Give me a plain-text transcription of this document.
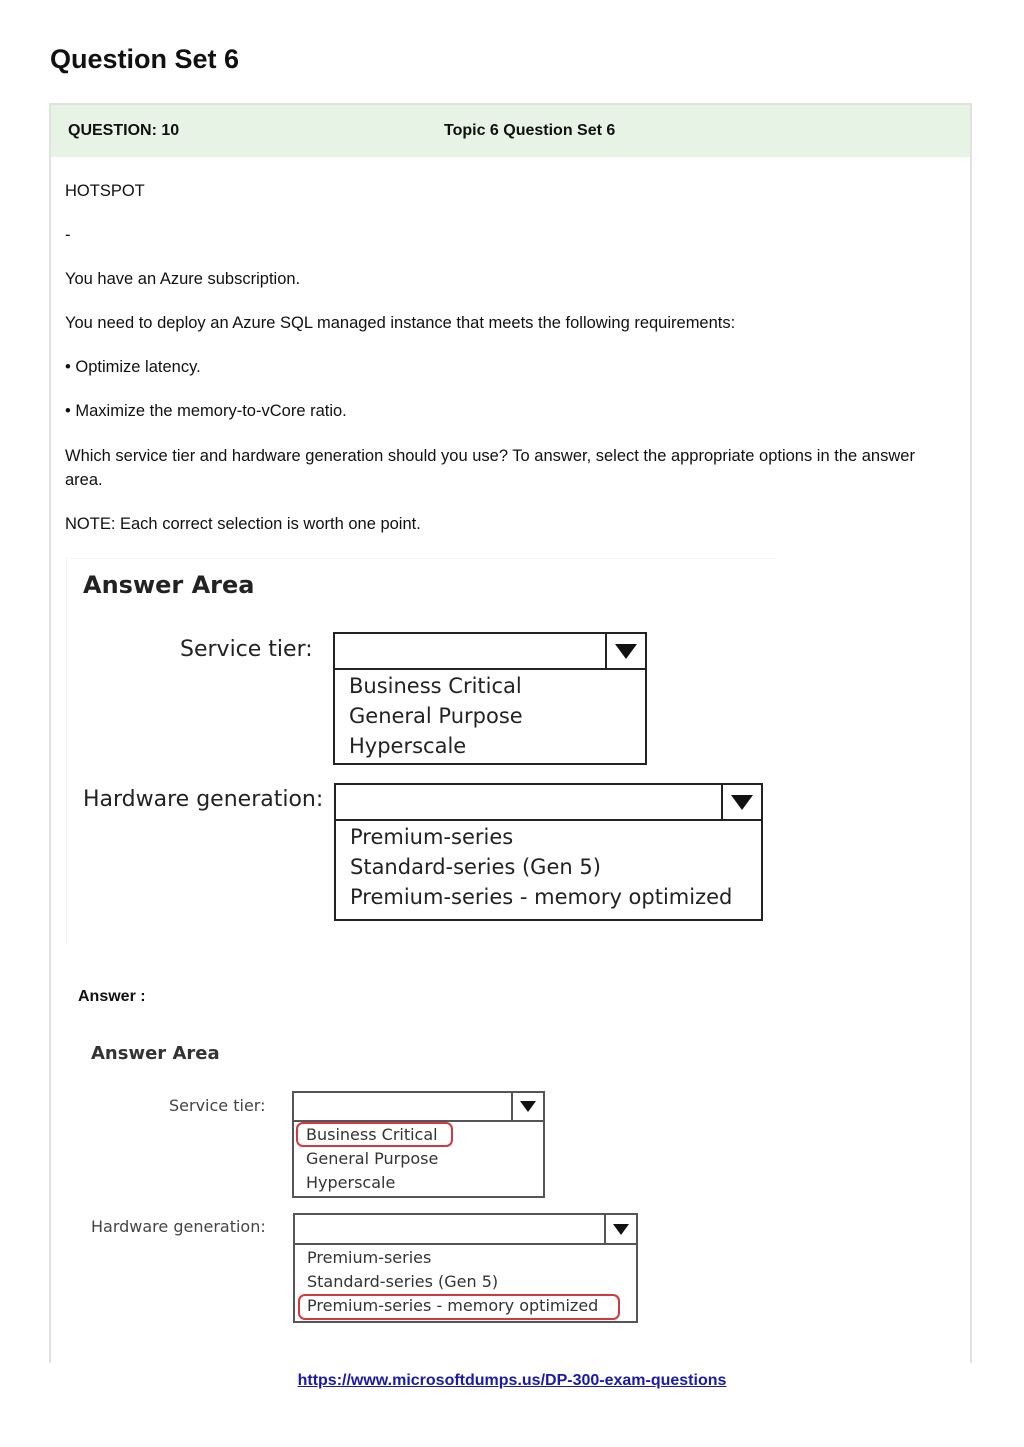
Question Set 6
QUESTION: 10	Topic 6 Question Set 6
HOTSPOT
-
You have an Azure subscription.
You need to deploy an Azure SQL managed instance that meets the following requirements:
• Optimize latency.
• Maximize the memory-to-vCore ratio.
Which service tier and hardware generation should you use? To answer, select the appropriate options in the answer area.
NOTE: Each correct selection is worth one point.
Answer Area
Service tier:
Business Critical
General Purpose
Hyperscale
Hardware generation:
Premium-series
Standard-series (Gen 5)
Premium-series - memory optimized
Answer :
Answer Area
Service tier:
Business Critical
General Purpose
Hyperscale
Hardware generation:
Premium-series
Standard-series (Gen 5)
Premium-series - memory optimized
https://www.microsoftdumps.us/DP-300-exam-questions
